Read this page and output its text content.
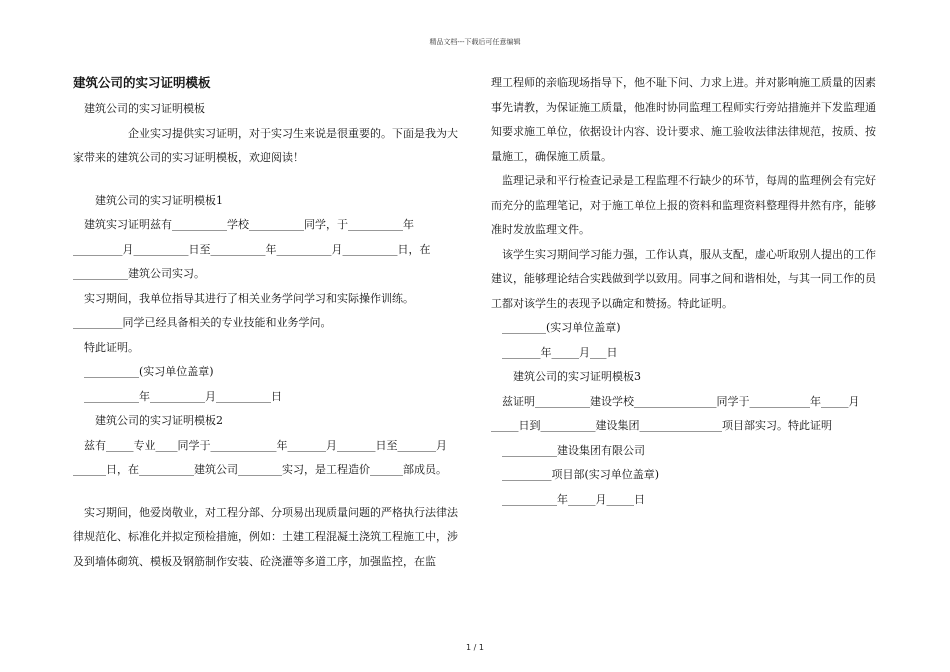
精品文档---下载后可任意编辑
建筑公司的实习证明模板

　建筑公司的实习证明模板

　　　　　企业实习提供实习证明，对于实习生来说是很重要的。下面是我为大家带来的建筑公司的实习证明模板，欢迎阅读！

　　建筑公司的实习证明模板1

　建筑实习证明兹有__________学校__________同学，于__________年_________月__________日至__________年__________月__________日，在__________建筑公司实习。

　实习期间，我单位指导其进行了相关业务学问学习和实际操作训练。_________同学已经具备相关的专业技能和业务学问。

　特此证明。

　__________(实习单位盖章)

　__________年__________月__________日

　　建筑公司的实习证明模板2

　兹有_____专业____同学于____________年_______月_______日至_______月______日，在__________建筑公司________实习，是工程造价______部成员。

　实习期间，他爱岗敬业，对工程分部、分项易出现质量问题的严格执行法律法律规范化、标准化并拟定预检措施，例如：土建工程混凝土浇筑工程施工中，涉及到墙体砌筑、模板及钢筋制作安装、砼浇灌等多道工序，加强监控，在监

理工程师的亲临现场指导下，他不耻下问、力求上进。并对影响施工质量的因素事先请教，为保证施工质量，他准时协同监理工程师实行旁站措施并下发监理通知要求施工单位，依据设计内容、设计要求、施工验收法律法律规范，按质、按量施工，确保施工质量。

　监理记录和平行检查记录是工程监理不行缺少的环节，每周的监理例会有完好而充分的监理笔记，对于施工单位上报的资料和监理资料整理得井然有序，能够准时发放监理文件。

　该学生实习期间学习能力强，工作认真，服从支配，虚心听取别人提出的工作建议，能够理论结合实践做到学以致用。同事之间和谐相处，与其一同工作的员工都对该学生的表现予以确定和赞扬。特此证明。

　________(实习单位盖章)

　_______年_____月___日

　　建筑公司的实习证明模板3

　兹证明__________建设学校_______________同学于___________年_____月_____日到__________建设集团_______________项目部实习。特此证明

　__________建设集团有限公司

　_________项目部(实习单位盖章)

　__________年_____月_____日

1 / 1
